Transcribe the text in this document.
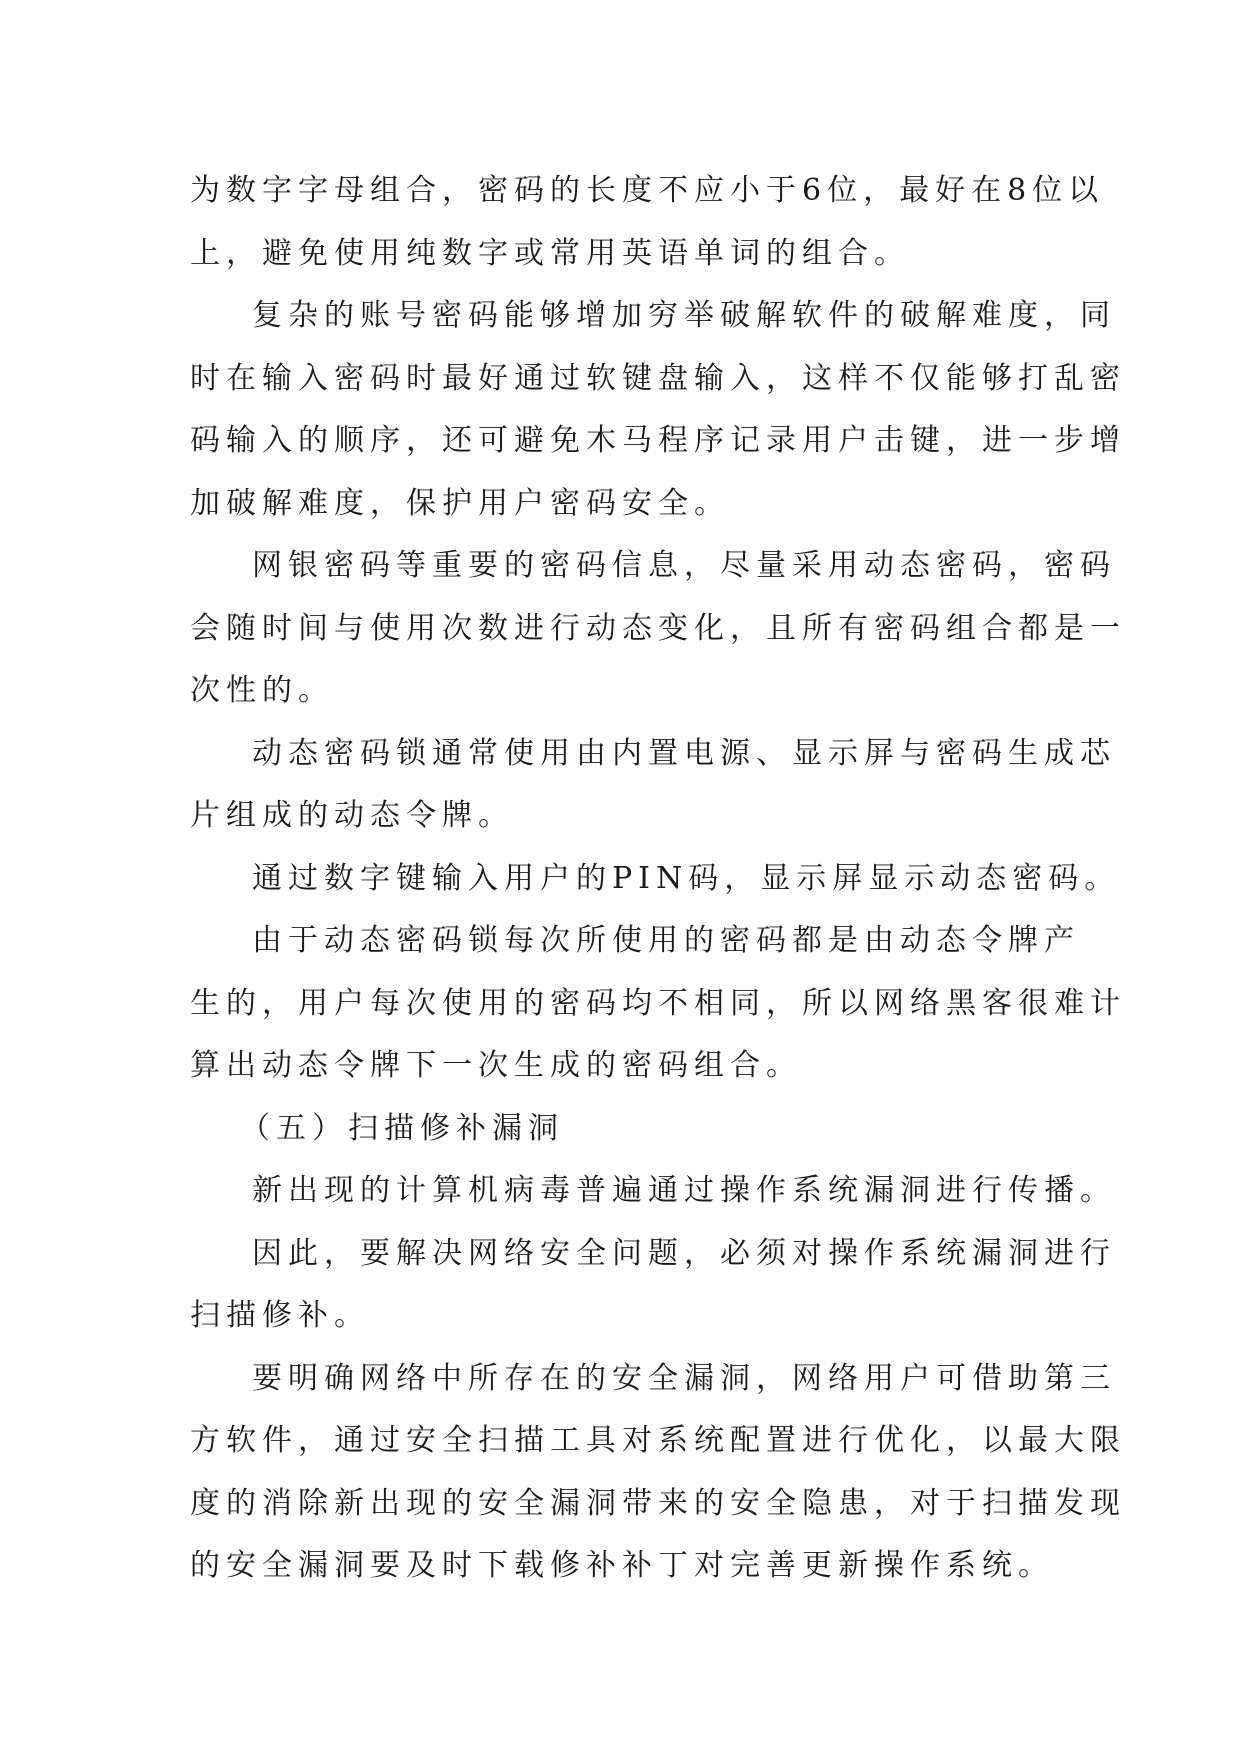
为数字字母组合，密码的长度不应小于6位，最好在8位以
上，避免使用纯数字或常用英语单词的组合。

复杂的账号密码能够增加穷举破解软件的破解难度，同
时在输入密码时最好通过软键盘输入，这样不仅能够打乱密
码输入的顺序，还可避免木马程序记录用户击键，进一步增
加破解难度，保护用户密码安全。

网银密码等重要的密码信息，尽量采用动态密码，密码
会随时间与使用次数进行动态变化，且所有密码组合都是一
次性的。

动态密码锁通常使用由内置电源、显示屏与密码生成芯
片组成的动态令牌。

通过数字键输入用户的PIN码，显示屏显示动态密码。

由于动态密码锁每次所使用的密码都是由动态令牌产
生的，用户每次使用的密码均不相同，所以网络黑客很难计
算出动态令牌下一次生成的密码组合。

（五）扫描修补漏洞

新出现的计算机病毒普遍通过操作系统漏洞进行传播。

因此，要解决网络安全问题，必须对操作系统漏洞进行
扫描修补。

要明确网络中所存在的安全漏洞，网络用户可借助第三
方软件，通过安全扫描工具对系统配置进行优化，以最大限
度的消除新出现的安全漏洞带来的安全隐患，对于扫描发现
的安全漏洞要及时下载修补补丁对完善更新操作系统。
